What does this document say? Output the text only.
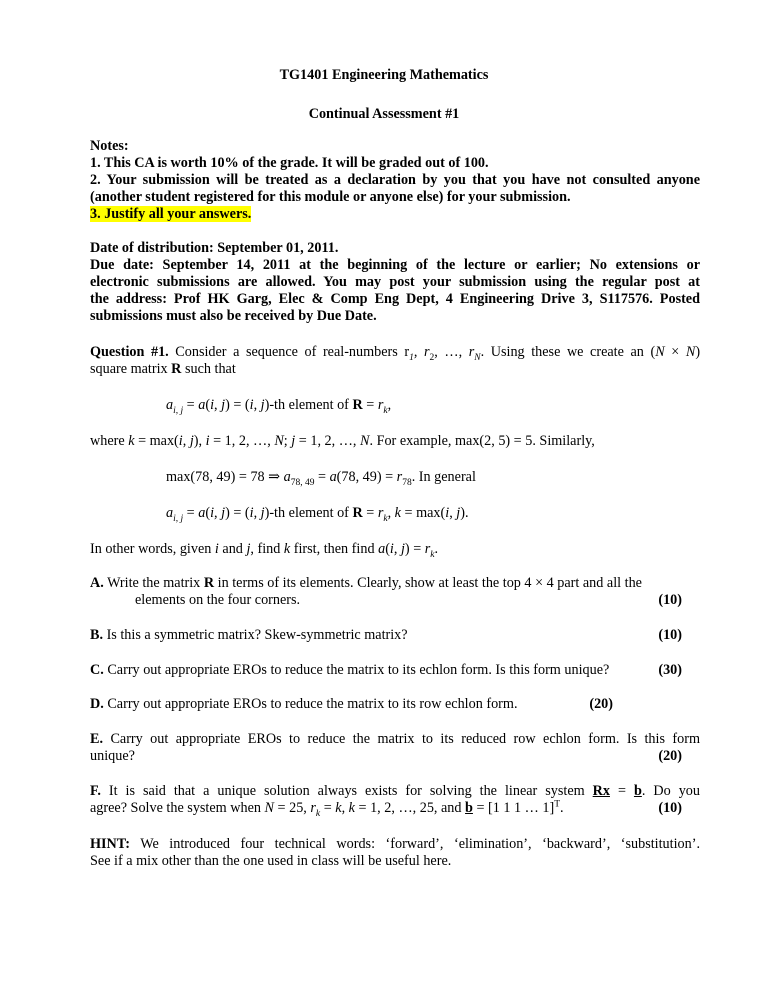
TG1401 Engineering Mathematics
Continual Assessment #1
Notes:
1. This CA is worth 10% of the grade. It will be graded out of 100.
2. Your submission will be treated as a declaration by you that you have not consulted anyone
(another student registered for this module or anyone else) for your submission.
3. Justify all your answers.
Date of distribution: September 01, 2011.
Due date: September 14, 2011 at the beginning of the lecture or earlier; No extensions or
electronic submissions are allowed. You may post your submission using the regular post at
the address: Prof HK Garg, Elec & Comp Eng Dept, 4 Engineering Drive 3, S117576. Posted
submissions must also be received by Due Date.
Question #1. Consider a sequence of real-numbers $r_1$, $r_2$, …, $r_N$. Using these we create an (N × N)
square matrix R such that
$a_{i, j} = a(i$, j) = (i, j)-th element of $R = r_k$,
where k = max(i, j), i = 1, 2, …, N; j = 1, 2, …, N. For example, max(2, 5) = 5. Similarly,
max(78, 49) = 78 ⇒ $a_{78, 49} = a(78$, $49) = r_{78}$. In general
$a_{i, j} = a(i$, j) = (i, j)-th element of $R = r_k$, k = max(i, j).
In other words, given i and j, find k first, then find a(i, $j) = r_k$.
A. Write the matrix R in terms of its elements. Clearly, show at least the top 4 × 4 part and all the
elements on the four corners.	(10)
B. Is this a symmetric matrix? Skew-symmetric matrix?	(10)
C. Carry out appropriate EROs to reduce the matrix to its echlon form. Is this form unique?	(30)
D. Carry out appropriate EROs to reduce the matrix to its row echlon form.	(20)
E. Carry out appropriate EROs to reduce the matrix to its reduced row echlon form. Is this form
unique?	(20)
F. It is said that a unique solution always exists for solving the linear system Rx = b. Do you
agree? Solve the system when N = 25, $r_k = k$, k = 1, 2, …, 25, and b = [1 1 1 … 1]$^T$.	(10)
HINT: We introduced four technical words: ‘forward’, ‘elimination’, ‘backward’, ‘substitution’.
See if a mix other than the one used in class will be useful here.
